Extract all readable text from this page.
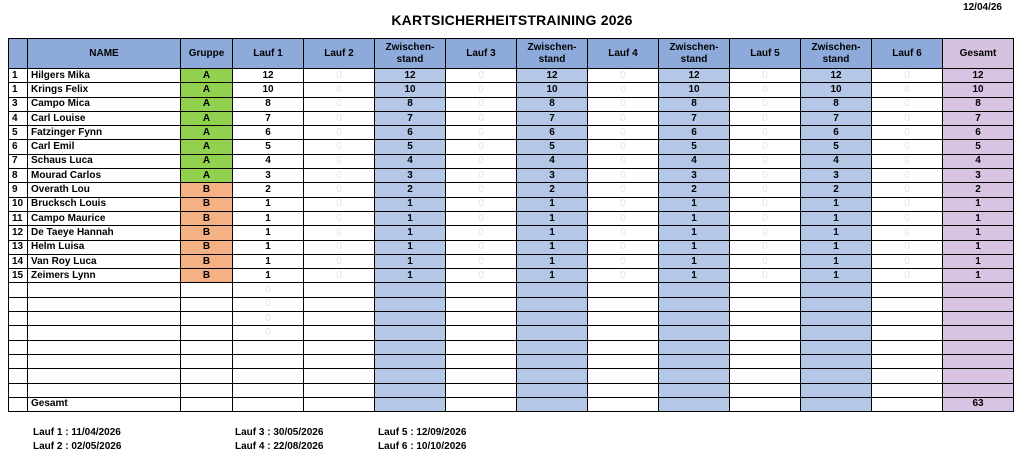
KARTSICHERHEITSTRAINING 2026
12/04/26
	NAME	Gruppe	Lauf 1	Lauf 2	Zwischen-stand	Lauf 3	Zwischen-stand	Lauf 4	Zwischen-stand	Lauf 5	Zwischen-stand	Lauf 6	Gesamt
1	Hilgers Mika	A	12	0	12	0	12	0	12	0	12	0	12
1	Krings Felix	A	10	0	10	0	10	0	10	0	10	0	10
3	Campo Mica	A	8	0	8	0	8	0	8	0	8	0	8
4	Carl Louise	A	7	0	7	0	7	0	7	0	7	0	7
5	Fatzinger Fynn	A	6	0	6	0	6	0	6	0	6	0	6
6	Carl Emil	A	5	0	5	0	5	0	5	0	5	0	5
7	Schaus Luca	A	4	0	4	0	4	0	4	0	4	0	4
8	Mourad Carlos	A	3	0	3	0	3	0	3	0	3	0	3
9	Overath Lou	B	2	0	2	0	2	0	2	0	2	0	2
10	Brucksch Louis	B	1	0	1	0	1	0	1	0	1	0	1
11	Campo Maurice	B	1	0	1	0	1	0	1	0	1	0	1
12	De Taeye Hannah	B	1	0	1	0	1	0	1	0	1	0	1
13	Helm Luisa	B	1	0	1	0	1	0	1	0	1	0	1
14	Van Roy Luca	B	1	0	1	0	1	0	1	0	1	0	1
15	Zeimers Lynn	B	1	0	1	0	1	0	1	0	1	0	1
			0										
			0										
			0										
			0										

	Gesamt												63
Lauf 1 : 11/04/2026
Lauf 2 : 02/05/2026
Lauf 3 : 30/05/2026
Lauf 4 : 22/08/2026
Lauf 5 : 12/09/2026
Lauf 6 : 10/10/2026
